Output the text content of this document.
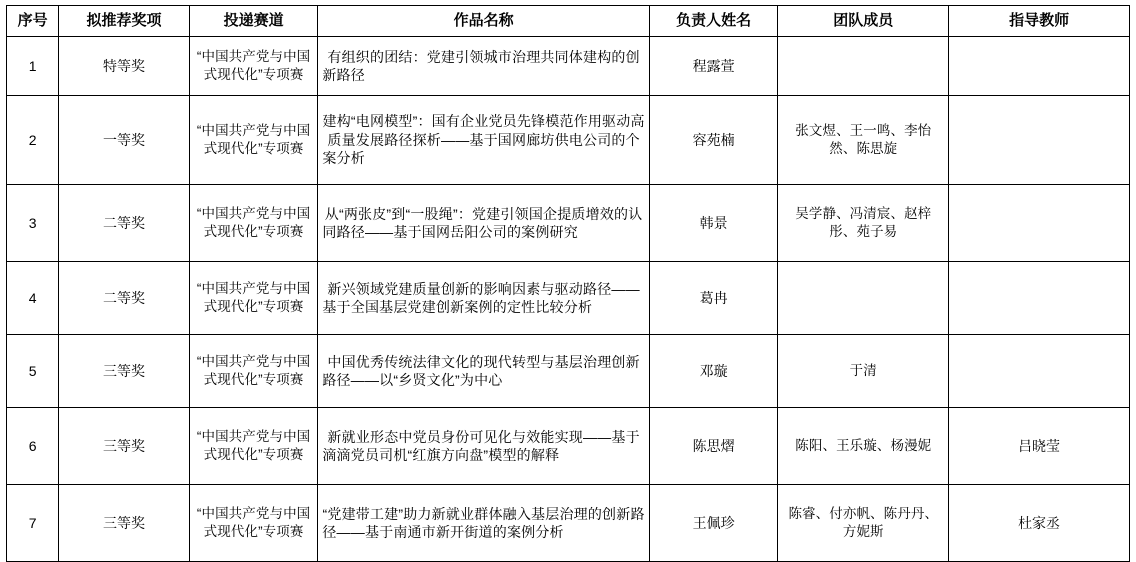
序号	拟推荐奖项	投递赛道	作品名称	负责人姓名	团队成员	指导教师
1	特等奖	“中国共产党与中国式现代化”专项赛	有组织的团结：党建引领城市治理共同体建构的创新路径	程露萱		
2	一等奖	“中国共产党与中国式现代化”专项赛	建构“电网模型”：国有企业党员先锋模范作用驱动高质量发展路径探析——基于国网廊坊供电公司的个案分析	容苑楠	张文煜、王一鸣、李怡然、陈思旋	
3	二等奖	“中国共产党与中国式现代化”专项赛	从“两张皮”到“一股绳”：党建引领国企提质增效的认同路径——基于国网岳阳公司的案例研究	韩景	吴学静、冯清宸、赵梓彤、苑子易	
4	二等奖	“中国共产党与中国式现代化”专项赛	新兴领域党建质量创新的影响因素与驱动路径——基于全国基层党建创新案例的定性比较分析	葛冉		
5	三等奖	“中国共产党与中国式现代化”专项赛	中国优秀传统法律文化的现代转型与基层治理创新路径——以“乡贤文化”为中心	邓璇	于清	
6	三等奖	“中国共产党与中国式现代化”专项赛	新就业形态中党员身份可见化与效能实现——基于滴滴党员司机“红旗方向盘”模型的解释	陈思熠	陈阳、王乐璇、杨漫妮	吕晓莹
7	三等奖	“中国共产党与中国式现代化”专项赛	“党建带工建”助力新就业群体融入基层治理的创新路径——基于南通市新开街道的案例分析	王佩珍	陈睿、付亦帆、陈丹丹、方妮斯	杜家丞
